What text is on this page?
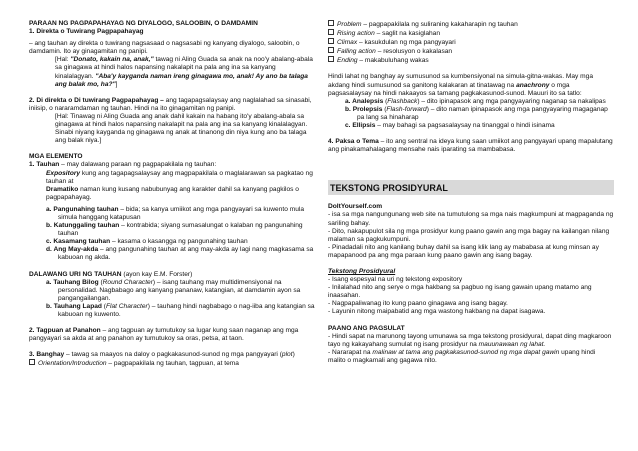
PARAAN NG PAGPAPAHAYAG NG DIYALOGO, SALOOBIN, O DAMDAMIN

1. Direkta o Tuwirang Pagpapahayag

– ang tauhan ay direkta o tuwirang nagsasaad o nagsasabi ng kanyang diyalogo, saloobin, o damdamin. Ito ay ginagamitan ng panipi.

[Hal: "Donato, kakain na, anak," tawag ni Aling Guada sa anak na noo'y abalang-abala sa ginagawa at hindi halos napansing nakalapit na pala ang ina sa kanyang kinalalagyan. "Aba'y kayganda naman ireng ginagawa mo, anak! Ay ano ba talaga ang balak mo, ha?"]

2. Di direkta o Di tuwirang Pagpapahayag – ang tagapagsalaysay ang naglalahad sa sinasabi, iniisip, o nararamdaman ng tauhan. Hindi na ito ginagamitan ng panipi.

[Hal: Tinawag ni Aling Guada ang anak dahil kakain na habang ito'y abalang-abala sa ginagawa at hindi halos napansing nakalapit na pala ang ina sa kanyang kinalalagyan. Sinabi niyang kayganda ng ginagawa ng anak at tinanong din niya kung ano ba talaga ang balak niya.]

MGA ELEMENTO

1. Tauhan – may dalawang paraan ng pagpapakilala ng tauhan:

Expository kung ang tagapagsalaysay ang magpapakilala o maglalarawan sa pagkatao ng tauhan at

Dramatiko naman kung kusang nabubunyag ang karakter dahil sa kanyang pagkilos o pagpapahayag.

a. Pangunahing tauhan – bida; sa kanya umiikot ang mga pangyayari sa kuwento mula simula hanggang katapusan

b. Katunggaling tauhan – kontrabida; siyang sumasalungat o kalaban ng pangunahing tauhan

c. Kasamang tauhan – kasama o kasangga ng pangunahing tauhan

d. Ang May-akda – ang pangunahing tauhan at ang may-akda ay lagi nang magkasama sa kabuoan ng akda.

DALAWANG URI NG TAUHAN (ayon kay E.M. Forster)

a. Tauhang Bilog (Round Character) – isang tauhang may multidimensiyonal na personalidad. Nagbabago ang kanyang pananaw, katangian, at damdamin ayon sa pangangailangan.

b. Tauhang Lapad (Flat Character) – tauhang hindi nagbabago o nag-iiba ang katangian sa kabuoan ng kuwento.

2. Tagpuan at Panahon – ang tagpuan ay tumutukoy sa lugar kung saan naganap ang mga pangyayari sa akda at ang panahon ay tumutukoy sa oras, petsa, at taon.

3. Banghay – tawag sa maayos na daloy o pagkakasunod-sunod ng mga pangyayari (plot)

Orientation/Introduction – pagpapakilala ng tauhan, tagpuan, at tema

Problem – pagpapakilala ng suliraning kakaharapin ng tauhan

Rising action – saglit na kasiglahan

Climax – kasukdulan ng mga pangyayari

Falling action – resolusyon o kakalasan

Ending – makabuluhang wakas

Hindi lahat ng banghay ay sumusunod sa kumbensiyonal na simula-gitna-wakas. May mga akdang hindi sumusunod sa ganitong kalakaran at tinatawag na anachrony o mga pagsasalaysay na hindi nakaayos sa tamang pagkakasunod-sunod. Mauuri ito sa tatlo:

a. Analepsis (Flashback) – dito ipinapasok ang mga pangyayaring naganap sa nakalipas

b. Prolepsis (Flash-forward) – dito naman ipinapasok ang mga pangyayaring magaganap pa lang sa hinaharap

c. Ellipsis – may bahagi sa pagsasalaysay na tinanggal o hindi isinama

4. Paksa o Tema – ito ang sentral na ideya kung saan umiikot ang pangyayari upang mapalutang ang pinakamahalagang mensahe nais iparating sa mambabasa.

TEKSTONG PROSIDYURAL

DoltYourself.com

- isa sa mga nangungunang web site na tumutulong sa mga nais magkumpuni at magpaganda ng sariling bahay.

- Dito, nakapupulot sila ng mga prosidyur kung paano gawin ang mga bagay na kailangan nilang malaman sa pagkukumpuni.

- Pinadadali nito ang kanilang buhay dahil sa isang klik lang ay mababasa at kung minsan ay mapapanood pa ang mga paraan kung paano gawin ang isang bagay.

Tekstong Prosidyural

- Isang espesyal na uri ng tekstong expository

- Inilalahad nito ang serye o mga hakbang sa pagbuo ng isang gawain upang matamo ang inaasahan.

- Nagpapaliwanag ito kung paano ginagawa ang isang bagay.

- Layunin nitong maipabatid ang mga wastong hakbang na dapat isagawa.

PAANO ANG PAGSULAT

- Hindi sapat na marunong tayong umunawa sa mga tekstong prosidyural, dapat ding magkaroon tayo ng kakayahang sumulat ng isang prosidyur na mauunawaan ng lahat.

- Nararapat na malinaw at tama ang pagkakasunod-sunod ng mga dapat gawin upang hindi malito o magkamali ang gagawa nito.
